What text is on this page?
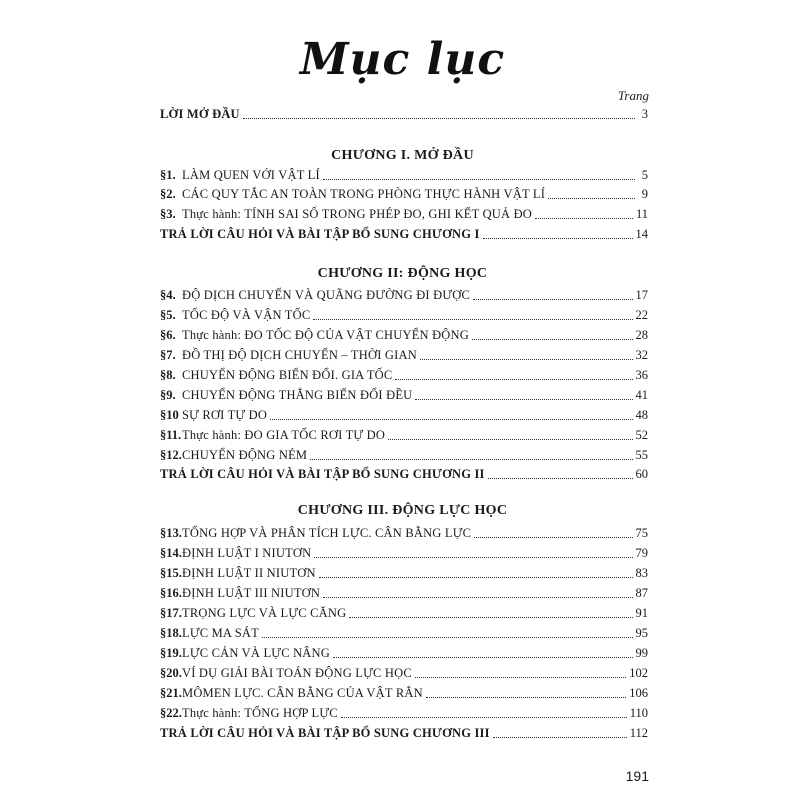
Mục lục
Trang
LỜI MỞ ĐẦU	3
CHƯƠNG I. MỞ ĐẦU
§1. LÀM QUEN VỚI VẬT LÍ	5
§2. CÁC QUY TẮC AN TOÀN TRONG PHÒNG THỰC HÀNH VẬT LÍ	9
§3. Thực hành: TÍNH SAI SỐ TRONG PHÉP ĐO, GHI KẾT QUẢ ĐO	11
TRẢ LỜI CÂU HỎI VÀ BÀI TẬP BỔ SUNG CHƯƠNG I	14
CHƯƠNG II: ĐỘNG HỌC
§4. ĐỘ DỊCH CHUYỂN VÀ QUÃNG ĐƯỜNG ĐI ĐƯỢC	17
§5. TỐC ĐỘ VÀ VẬN TỐC	22
§6. Thực hành: ĐO TỐC ĐỘ CỦA VẬT CHUYỂN ĐỘNG	28
§7. ĐỒ THỊ ĐỘ DỊCH CHUYỂN – THỜI GIAN	32
§8. CHUYỂN ĐỘNG BIẾN ĐỔI. GIA TỐC	36
§9. CHUYỂN ĐỘNG THẲNG BIẾN ĐỔI ĐỀU	41
§10 SỰ RƠI TỰ DO	48
§11. Thực hành: ĐO GIA TỐC RƠI TỰ DO	52
§12. CHUYỂN ĐỘNG NÉM	55
TRẢ LỜI CÂU HỎI VÀ BÀI TẬP BỔ SUNG CHƯƠNG II	60
CHƯƠNG III. ĐỘNG LỰC HỌC
§13. TỔNG HỢP VÀ PHÂN TÍCH LỰC. CÂN BẰNG LỰC	75
§14. ĐỊNH LUẬT I NIUTƠN	79
§15. ĐỊNH LUẬT II NIUTƠN	83
§16. ĐỊNH LUẬT III NIUTƠN	87
§17. TRỌNG LỰC VÀ LỰC CĂNG	91
§18. LỰC MA SÁT	95
§19. LỰC CẢN VÀ LỰC NÂNG	99
§20. VÍ DỤ GIẢI BÀI TOÁN ĐỘNG LỰC HỌC	102
§21. MÔMEN LỰC. CÂN BẰNG CỦA VẬT RẮN	106
§22. Thực hành: TỔNG HỢP LỰC	110
TRẢ LỜI CÂU HỎI VÀ BÀI TẬP BỔ SUNG CHƯƠNG III	112
191
